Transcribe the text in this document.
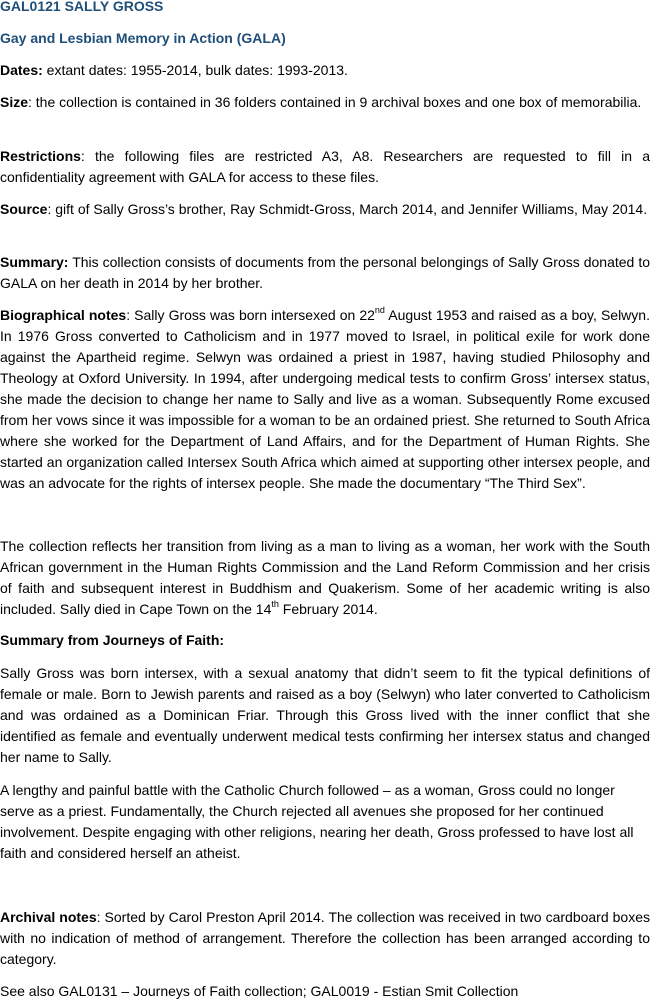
GAL0121 SALLY GROSS

Gay and Lesbian Memory in Action (GALA)

Dates: extant dates: 1955-2014, bulk dates: 1993-2013.

Size: the collection is contained in 36 folders contained in 9 archival boxes and one box of memorabilia.

Restrictions: the following files are restricted A3, A8. Researchers are requested to fill in a confidentiality agreement with GALA for access to these files.

Source: gift of Sally Gross’s brother, Ray Schmidt-Gross, March 2014, and Jennifer Williams, May 2014.

Summary: This collection consists of documents from the personal belongings of Sally Gross donated to GALA on her death in 2014 by her brother.

Biographical notes: Sally Gross was born intersexed on 22nd August 1953 and raised as a boy, Selwyn. In 1976 Gross converted to Catholicism and in 1977 moved to Israel, in political exile for work done against the Apartheid regime. Selwyn was ordained a priest in 1987, having studied Philosophy and Theology at Oxford University. In 1994, after undergoing medical tests to confirm Gross’ intersex status, she made the decision to change her name to Sally and live as a woman. Subsequently Rome excused from her vows since it was impossible for a woman to be an ordained priest. She returned to South Africa where she worked for the Department of Land Affairs, and for the Department of Human Rights. She started an organization called Intersex South Africa which aimed at supporting other intersex people, and was an advocate for the rights of intersex people. She made the documentary “The Third Sex”.

The collection reflects her transition from living as a man to living as a woman, her work with the South African government in the Human Rights Commission and the Land Reform Commission and her crisis of faith and subsequent interest in Buddhism and Quakerism. Some of her academic writing is also included. Sally died in Cape Town on the 14th February 2014.

Summary from Journeys of Faith:

Sally Gross was born intersex, with a sexual anatomy that didn’t seem to fit the typical definitions of female or male. Born to Jewish parents and raised as a boy (Selwyn) who later converted to Catholicism and was ordained as a Dominican Friar. Through this Gross lived with the inner conflict that she identified as female and eventually underwent medical tests confirming her intersex status and changed her name to Sally.

A lengthy and painful battle with the Catholic Church followed – as a woman, Gross could no longer serve as a priest. Fundamentally, the Church rejected all avenues she proposed for her continued involvement. Despite engaging with other religions, nearing her death, Gross professed to have lost all faith and considered herself an atheist.

Archival notes: Sorted by Carol Preston April 2014. The collection was received in two cardboard boxes with no indication of method of arrangement. Therefore the collection has been arranged according to category.

See also GAL0131 – Journeys of Faith collection; GAL0019 - Estian Smit Collection
